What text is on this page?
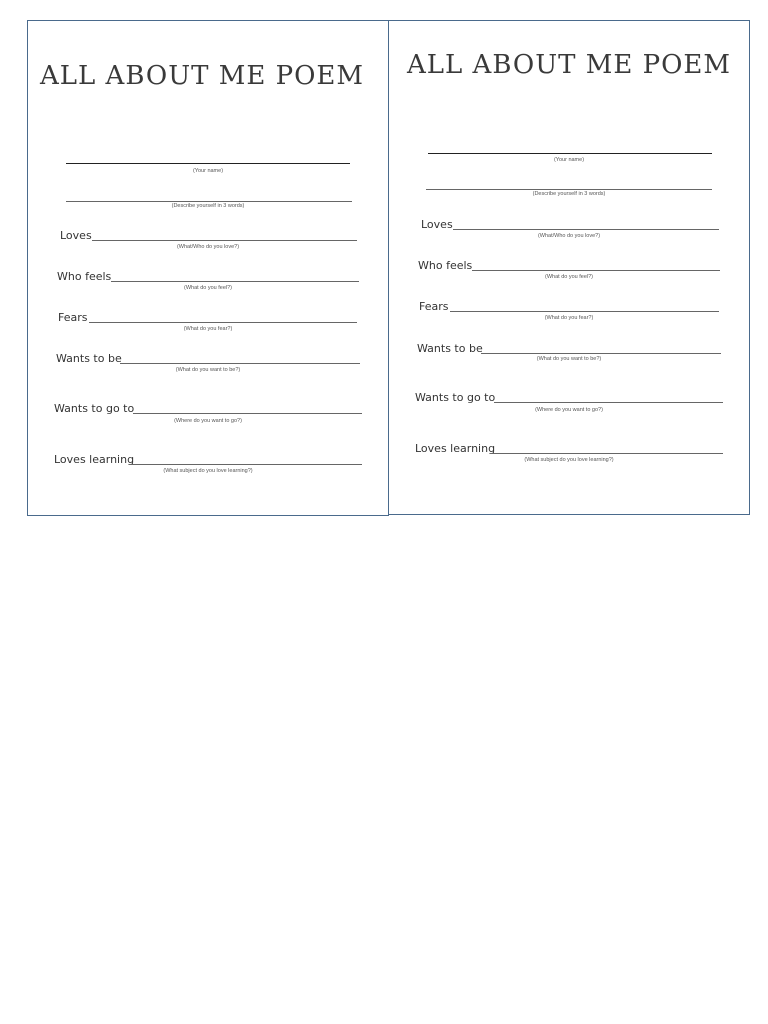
ALL ABOUT ME POEM
(Your name)
(Describe yourself in 3 words)
Loves
(What/Who do you love?)
Who feels
(What do you feel?)
Fears
(What do you fear?)
Wants to be
(What do you want to be?)
Wants to go to
(Where do you want to go?)
Loves learning
(What subject do you love learning?)
ALL ABOUT ME POEM
(Your name)
(Describe yourself in 3 words)
Loves
(What/Who do you love?)
Who feels
(What do you feel?)
Fears
(What do you fear?)
Wants to be
(What do you want to be?)
Wants to go to
(Where do you want to go?)
Loves learning
(What subject do you love learning?)
